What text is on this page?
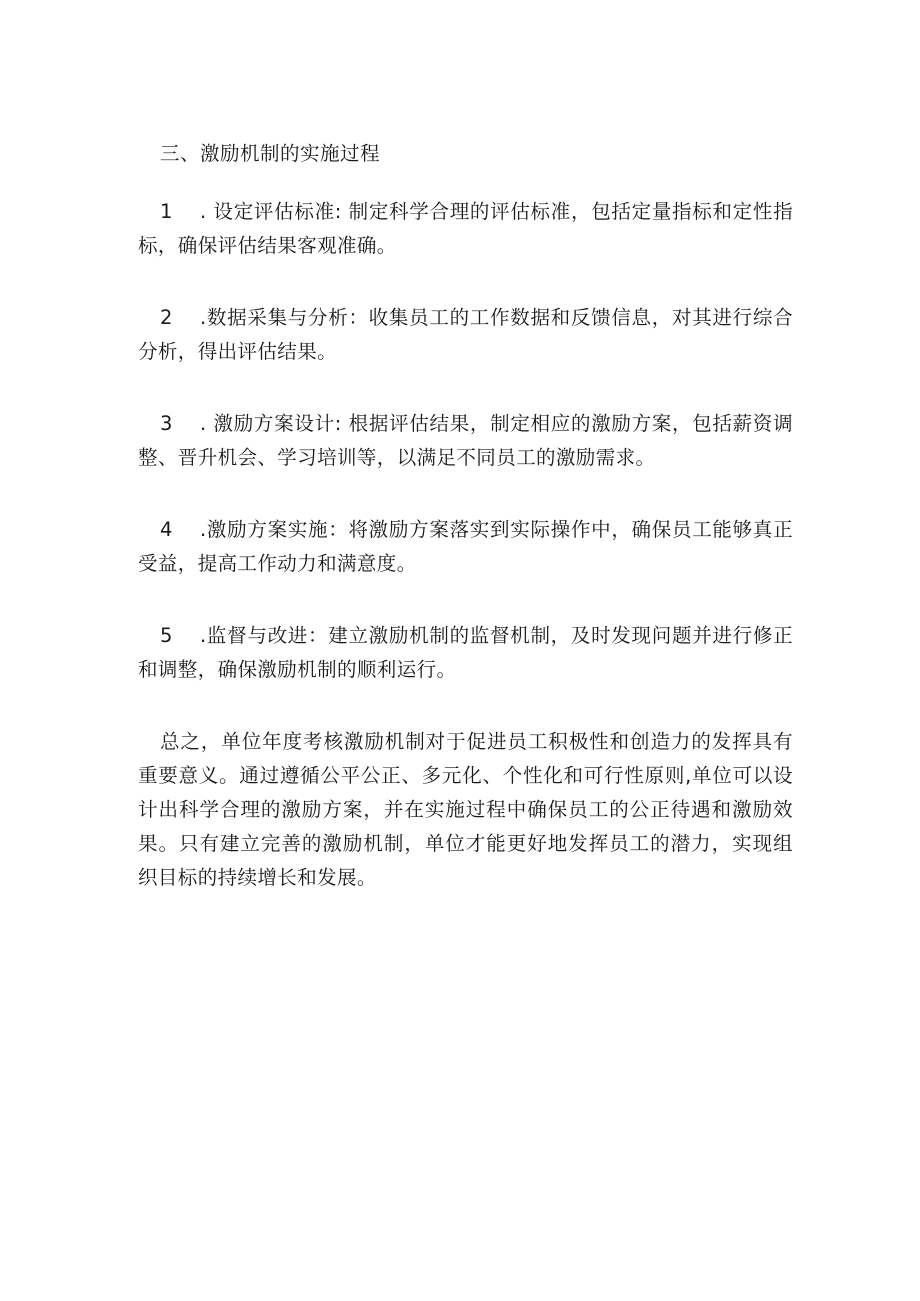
三、激励机制的实施过程

1 . 设定评估标准: 制定科学合理的评估标准，包括定量指标和定性指标，确保评估结果客观准确。

2 .数据采集与分析：收集员工的工作数据和反馈信息，对其进行综合分析，得出评估结果。

3 . 激励方案设计: 根据评估结果，制定相应的激励方案，包括薪资调整、晋升机会、学习培训等，以满足不同员工的激励需求。

4 .激励方案实施：将激励方案落实到实际操作中，确保员工能够真正受益，提高工作动力和满意度。

5 .监督与改进：建立激励机制的监督机制，及时发现问题并进行修正和调整，确保激励机制的顺利运行。

总之，单位年度考核激励机制对于促进员工积极性和创造力的发挥具有重要意义。通过遵循公平公正、多元化、个性化和可行性原则,单位可以设计出科学合理的激励方案，并在实施过程中确保员工的公正待遇和激励效果。只有建立完善的激励机制，单位才能更好地发挥员工的潜力，实现组织目标的持续增长和发展。
